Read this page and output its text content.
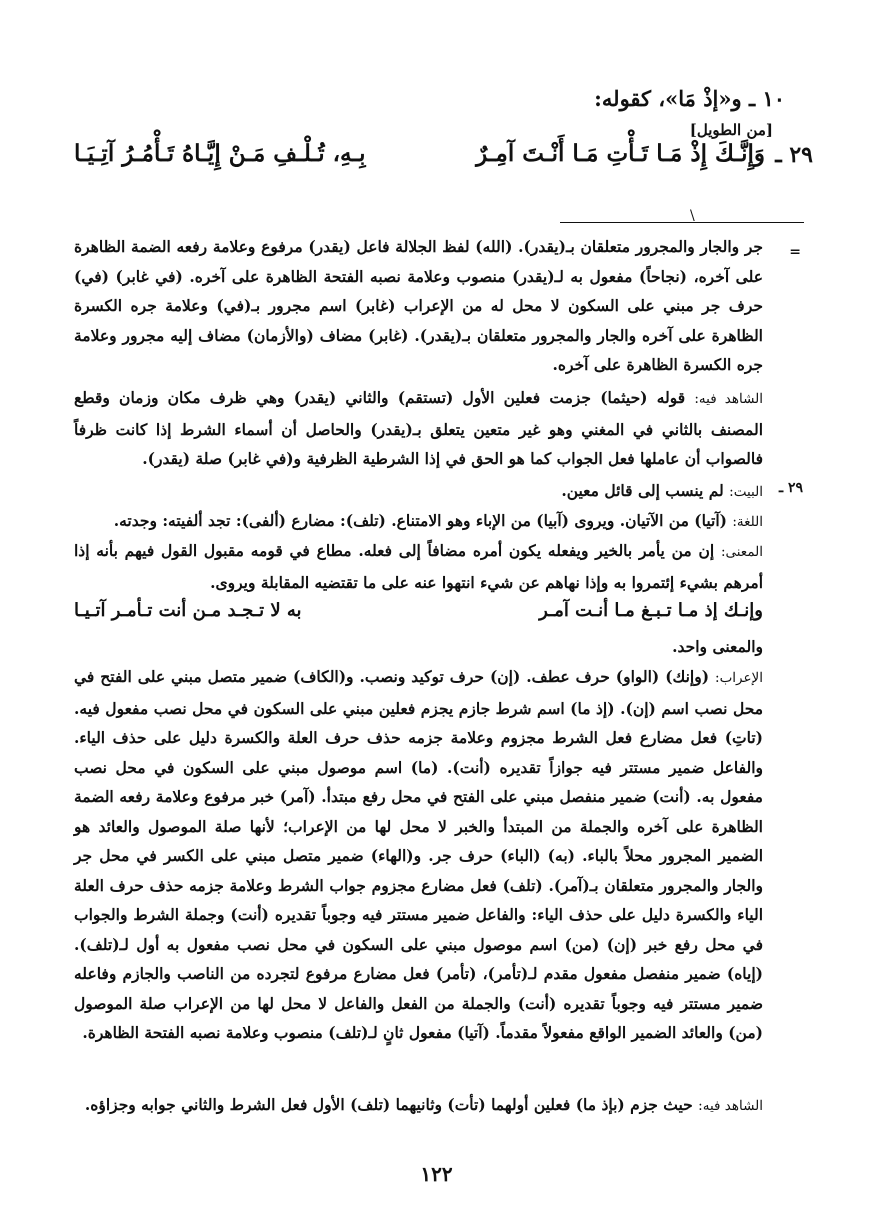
١٠ ـ و«إذْ مَا»، كقوله:
[من الطويل]
٢٩ ـ
وَإِنَّـكَ إِذْ مَـا تَـأْتِ مَـا أَنْـتَ آمِـرٌ
بِـهِ، تُـلْـفِ مَـنْ إِيَّـاهُ تَـأْمُـرُ آتِـيَـا
\
=

جر والجار والمجرور متعلقان بـ(يقدر). (الله) لفظ الجلالة فاعل (يقدر) مرفوع وعلامة رفعه الضمة الظاهرة على آخره، (نجاحاً) مفعول به لـ(يقدر) منصوب وعلامة نصبه الفتحة الظاهرة على آخره. (في غابر) (في) حرف جر مبني على السكون لا محل له من الإعراب (غابر) اسم مجرور بـ(في) وعلامة جره الكسرة الظاهرة على آخره والجار والمجرور متعلقان بـ(يقدر). (غابر) مضاف (والأزمان) مضاف إليه مجرور وعلامة جره الكسرة الظاهرة على آخره.

الشاهد فيه: قوله (حيثما) جزمت فعلين الأول (تستقم) والثاني (يقدر) وهي ظرف مكان وزمان وقطع المصنف بالثاني في المغني وهو غير متعين يتعلق بـ(يقدر) والحاصل أن أسماء الشرط إذا كانت ظرفاً فالصواب أن عاملها فعل الجواب كما هو الحق في إذا الشرطية الظرفية و(في غابر) صلة (يقدر).

٢٩ ـ

البيت: لم ينسب إلى قائل معين.

اللغة: (آتيا) من الآتيان. ويروى (آبيا) من الإباء وهو الامتناع. (تلف): مضارع (ألفى): تجد ألفيته: وجدته.

المعنى: إن من يأمر بالخير ويفعله يكون أمره مضافاً إلى فعله. مطاع في قومه مقبول القول فيهم بأنه إذا أمرهم بشيء إئتمروا به وإذا نهاهم عن شيء انتهوا عنه على ما تقتضيه المقابلة ويروى.

وإنـك إذ مـا تـبـغ مـا أنـت آمـر
به لا تـجـد مـن أنت تـأمـر آتـيـا

والمعنى واحد.

الإعراب: (وإنك) (الواو) حرف عطف. (إن) حرف توكيد ونصب. و(الكاف) ضمير متصل مبني على الفتح في محل نصب اسم (إن). (إذ ما) اسم شرط جازم يجزم فعلين مبني على السكون في محل نصب مفعول فيه. (تاتِ) فعل مضارع فعل الشرط مجزوم وعلامة جزمه حذف حرف العلة والكسرة دليل على حذف الياء. والفاعل ضمير مستتر فيه جوازاً تقديره (أنت). (ما) اسم موصول مبني على السكون في محل نصب مفعول به. (أنت) ضمير منفصل مبني على الفتح في محل رفع مبتدأ. (آمر) خبر مرفوع وعلامة رفعه الضمة الظاهرة على آخره والجملة من المبتدأ والخبر لا محل لها من الإعراب؛ لأنها صلة الموصول والعائد هو الضمير المجرور محلاً بالباء. (به) (الباء) حرف جر. و(الهاء) ضمير متصل مبني على الكسر في محل جر والجار والمجرور متعلقان بـ(آمر). (تلف) فعل مضارع مجزوم جواب الشرط وعلامة جزمه حذف حرف العلة الياء والكسرة دليل على حذف الياء: والفاعل ضمير مستتر فيه وجوباً تقديره (أنت) وجملة الشرط والجواب في محل رفع خبر (إن) (من) اسم موصول مبني على السكون في محل نصب مفعول به أول لـ(تلف). (إياه) ضمير منفصل مفعول مقدم لـ(تأمر)، (تأمر) فعل مضارع مرفوع لتجرده من الناصب والجازم وفاعله ضمير مستتر فيه وجوباً تقديره (أنت) والجملة من الفعل والفاعل لا محل لها من الإعراب صلة الموصول (من) والعائد الضمير الواقع مفعولاً مقدماً. (آتيا) مفعول ثانٍ لـ(تلف) منصوب وعلامة نصبه الفتحة الظاهرة.

الشاهد فيه: حيث جزم (بإذ ما) فعلين أولهما (تأت) وثانيهما (تلف) الأول فعل الشرط والثاني جوابه وجزاؤه.

١٢٢
